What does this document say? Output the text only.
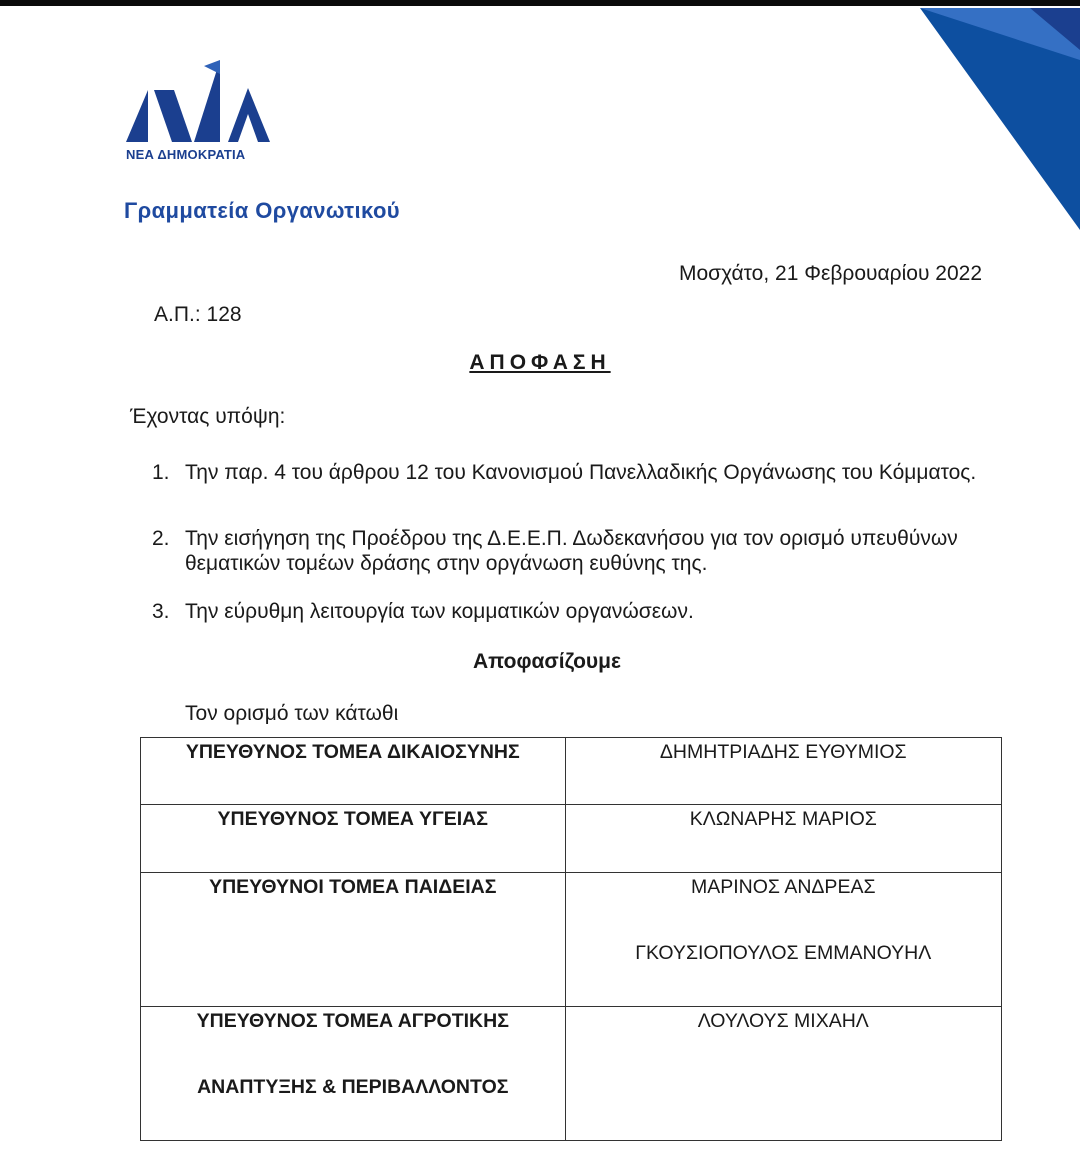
ΝΕΑ ΔΗΜΟΚΡΑΤΙΑ
Γραμματεία Οργανωτικού
Μοσχάτο, 21 Φεβρουαρίου 2022
Α.Π.: 128
ΑΠΟΦΑΣΗ
Έχοντας υπόψη:
1. Την παρ. 4 του άρθρου 12 του Κανονισμού Πανελλαδικής Οργάνωσης του Κόμματος.
2. Την εισήγηση της Προέδρου της Δ.Ε.Ε.Π. Δωδεκανήσου για τον ορισμό υπευθύνων θεματικών τομέων δράσης στην οργάνωση ευθύνης της.
3. Την εύρυθμη λειτουργία των κομματικών οργανώσεων.
Αποφασίζουμε
Τον ορισμό των κάτωθι
ΥΠΕΥΘΥΝΟΣ ΤΟΜΕΑ ΔΙΚΑΙΟΣΥΝΗΣ	ΔΗΜΗΤΡΙΑΔΗΣ ΕΥΘΥΜΙΟΣ

ΥΠΕΥΘΥΝΟΣ ΤΟΜΕΑ ΥΓΕΙΑΣ	ΚΛΩΝΑΡΗΣ ΜΑΡΙΟΣ

ΥΠΕΥΘΥΝΟΙ ΤΟΜΕΑ ΠΑΙΔΕΙΑΣ	ΜΑΡΙΝΟΣ ΑΝΔΡΕΑΣ
ΓΚΟΥΣΙΟΠΟΥΛΟΣ ΕΜΜΑΝΟΥΗΛ

ΥΠΕΥΘΥΝΟΣ ΤΟΜΕΑ ΑΓΡΟΤΙΚΗΣ
ΑΝΑΠΤΥΞΗΣ & ΠΕΡΙΒΑΛΛΟΝΤΟΣ	ΛΟΥΛΟΥΣ ΜΙΧΑΗΛ
